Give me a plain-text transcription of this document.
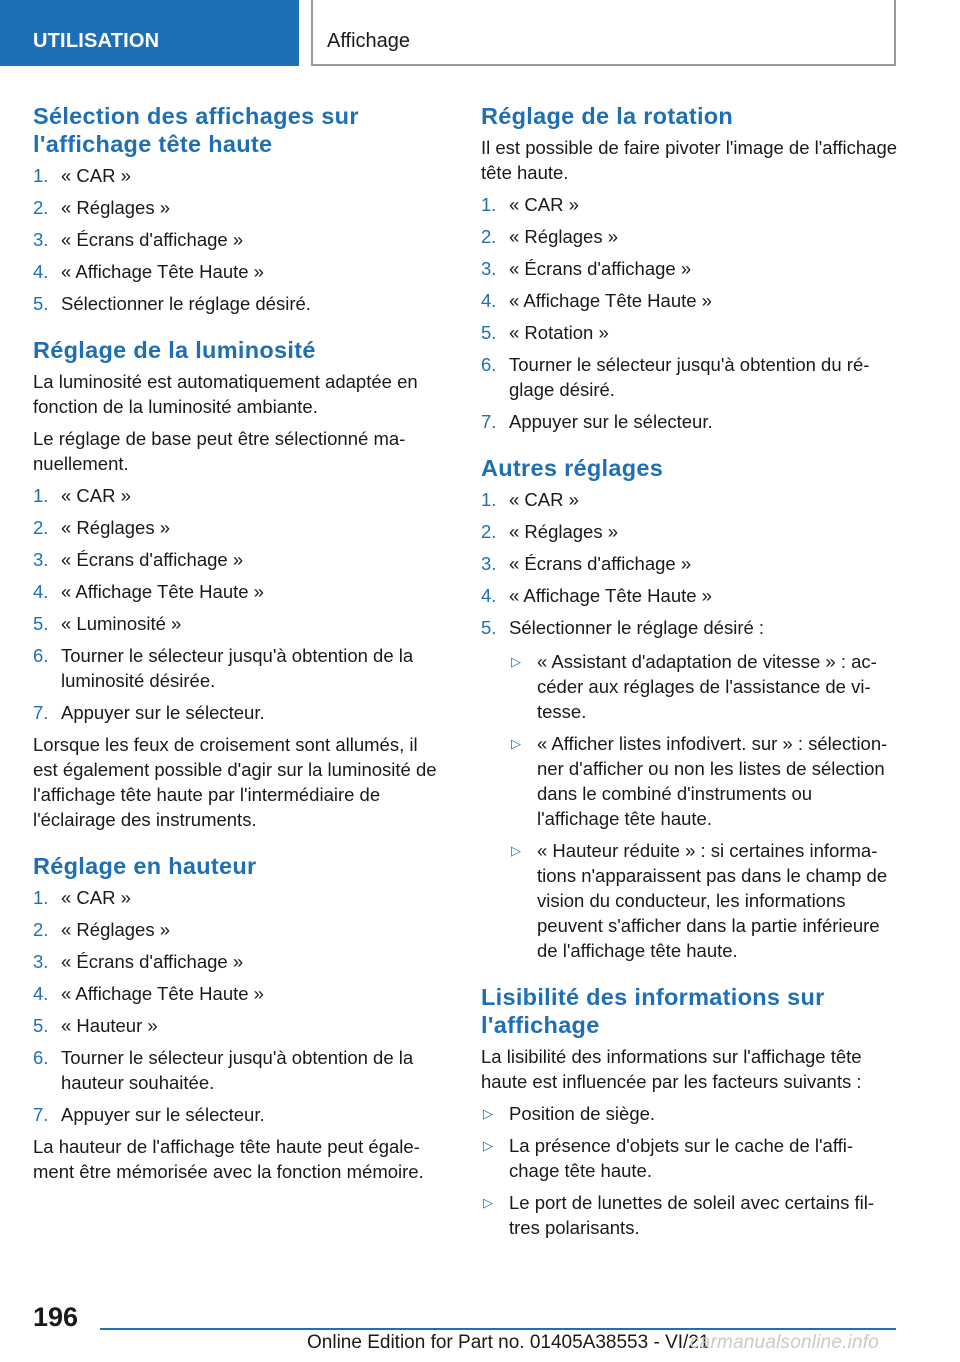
UTILISATION	Affichage
Sélection des affichages sur l'affichage tête haute
1. « CAR »
2. « Réglages »
3. « Écrans d'affichage »
4. « Affichage Tête Haute »
5. Sélectionner le réglage désiré.
Réglage de la luminosité

La luminosité est automatiquement adaptée en fonction de la luminosité ambiante.

Le réglage de base peut être sélectionné manuellement.

1. « CAR »
2. « Réglages »
3. « Écrans d'affichage »
4. « Affichage Tête Haute »
5. « Luminosité »
6. Tourner le sélecteur jusqu'à obtention de la luminosité désirée.
7. Appuyer sur le sélecteur.

Lorsque les feux de croisement sont allumés, il est également possible d'agir sur la luminosité de l'affichage tête haute par l'intermédiaire de l'éclairage des instruments.

Réglage en hauteur
1. « CAR »
2. « Réglages »
3. « Écrans d'affichage »
4. « Affichage Tête Haute »
5. « Hauteur »
6. Tourner le sélecteur jusqu'à obtention de la hauteur souhaitée.
7. Appuyer sur le sélecteur.

La hauteur de l'affichage tête haute peut également être mémorisée avec la fonction mémoire.

Réglage de la rotation

Il est possible de faire pivoter l'image de l'affichage tête haute.

1. « CAR »
2. « Réglages »
3. « Écrans d'affichage »
4. « Affichage Tête Haute »
5. « Rotation »
6. Tourner le sélecteur jusqu'à obtention du réglage désiré.
7. Appuyer sur le sélecteur.
Autres réglages
1. « CAR »
2. « Réglages »
3. « Écrans d'affichage »
4. « Affichage Tête Haute »
5. Sélectionner le réglage désiré :
▷ « Assistant d'adaptation de vitesse » : accéder aux réglages de l'assistance de vitesse.
▷ « Afficher listes infodivert. sur » : sélectionner d'afficher ou non les listes de sélection dans le combiné d'instruments ou l'affichage tête haute.
▷ « Hauteur réduite » : si certaines informations n'apparaissent pas dans le champ de vision du conducteur, les informations peuvent s'afficher dans la partie inférieure de l'affichage tête haute.
Lisibilité des informations sur l'affichage

La lisibilité des informations sur l'affichage tête haute est influencée par les facteurs suivants :

▷ Position de siège.
▷ La présence d'objets sur le cache de l'affichage tête haute.
▷ Le port de lunettes de soleil avec certains filtres polarisants.
196
Online Edition for Part no. 01405A38553 - VI/21
carmanualsonline.info
